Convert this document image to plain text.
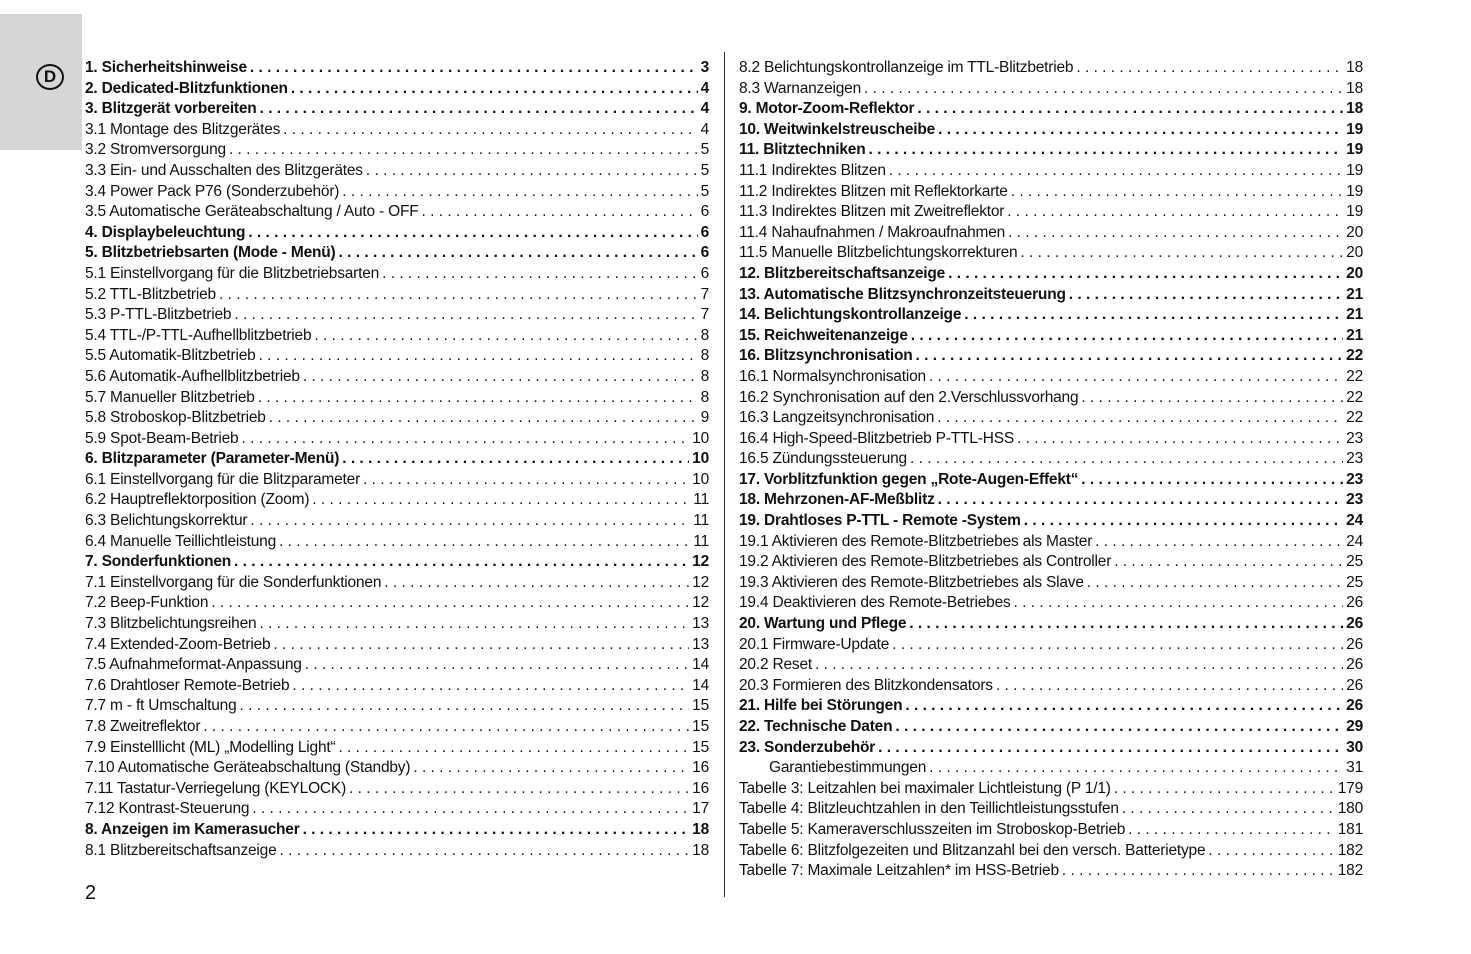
D	1. Sicherheitshinweise . . .	3
2. Dedicated-Blitzfunktionen . . .	4
3. Blitzgerät vorbereiten . . .	4
3.1 Montage des Blitzgerätes . . .	4
3.2 Stromversorgung . . .	5
3.3 Ein- und Ausschalten des Blitzgerätes . . .	5
3.4 Power Pack P76 (Sonderzubehör) . . .	5
3.5 Automatische Geräteabschaltung / Auto - OFF . . .	6
4. Displaybeleuchtung . . .	6
5. Blitzbetriebsarten (Mode - Menü) . . .	6
5.1 Einstellvorgang für die Blitzbetriebsarten . . .	6
5.2 TTL-Blitzbetrieb . . .	7
5.3 P-TTL-Blitzbetrieb . . .	7
5.4 TTL-/P-TTL-Aufhellblitzbetrieb . . .	8
5.5 Automatik-Blitzbetrieb . . .	8
5.6 Automatik-Aufhellblitzbetrieb . . .	8
5.7 Manueller Blitzbetrieb . . .	8
5.8 Stroboskop-Blitzbetrieb . . .	9
5.9 Spot-Beam-Betrieb . . .	10
6. Blitzparameter (Parameter-Menü) . . .	10
6.1 Einstellvorgang für die Blitzparameter . . .	10
6.2 Hauptreflektorposition (Zoom) . . .	11
6.3 Belichtungskorrektur . . .	11
6.4 Manuelle Teillichtleistung . . .	11
7. Sonderfunktionen . . .	12
7.1 Einstellvorgang für die Sonderfunktionen . . .	12
7.2 Beep-Funktion . . .	12
7.3 Blitzbelichtungsreihen . . .	13
7.4 Extended-Zoom-Betrieb . . .	13
7.5 Aufnahmeformat-Anpassung . . .	14
7.6 Drahtloser Remote-Betrieb . . .	14
7.7 m - ft Umschaltung . . .	15
7.8 Zweitreflektor . . .	15
7.9 Einstelllicht (ML) „Modelling Light“ . . .	15
7.10 Automatische Geräteabschaltung (Standby) . . .	16
7.11 Tastatur-Verriegelung (KEYLOCK) . . .	16
7.12 Kontrast-Steuerung . . .	17
8. Anzeigen im Kamerasucher . . .	18
8.1 Blitzbereitschaftsanzeige . . .	18
8.2 Belichtungskontrollanzeige im TTL-Blitzbetrieb . . .	18
8.3 Warnanzeigen . . .	18
9. Motor-Zoom-Reflektor . . .	18
10. Weitwinkelstreuscheibe . . .	19
11. Blitztechniken . . .	19
11.1 Indirektes Blitzen . . .	19
11.2 Indirektes Blitzen mit Reflektorkarte . . .	19
11.3 Indirektes Blitzen mit Zweitreflektor . . .	19
11.4 Nahaufnahmen / Makroaufnahmen . . .	20
11.5 Manuelle Blitzbelichtungskorrekturen . . .	20
12. Blitzbereitschaftsanzeige . . .	20
13. Automatische Blitzsynchronzeitsteuerung . . .	21
14. Belichtungskontrollanzeige . . .	21
15. Reichweitenanzeige . . .	21
16. Blitzsynchronisation . . .	22
16.1 Normalsynchronisation . . .	22
16.2 Synchronisation auf den 2.Verschlussvorhang . . .	22
16.3 Langzeitsynchronisation . . .	22
16.4 High-Speed-Blitzbetrieb P-TTL-HSS . . .	23
16.5 Zündungssteuerung . . .	23
17. Vorblitzfunktion gegen „Rote-Augen-Effekt“ . . .	23
18. Mehrzonen-AF-Meßblitz . . .	23
19. Drahtloses P-TTL - Remote -System . . .	24
19.1 Aktivieren des Remote-Blitzbetriebes als Master . . .	24
19.2 Aktivieren des Remote-Blitzbetriebes als Controller . . .	25
19.3 Aktivieren des Remote-Blitzbetriebes als Slave . . .	25
19.4 Deaktivieren des Remote-Betriebes . . .	26
20. Wartung und Pflege . . .	26
20.1 Firmware-Update . . .	26
20.2 Reset . . .	26
20.3 Formieren des Blitzkondensators . . .	26
21. Hilfe bei Störungen . . .	26
22. Technische Daten . . .	29
23. Sonderzubehör . . .	30
Garantiebestimmungen . . .	31
Tabelle 3: Leitzahlen bei maximaler Lichtleistung (P 1/1) . . .	179
Tabelle 4: Blitzleuchtzahlen in den Teillichtleistungsstufen . . .	180
Tabelle 5: Kameraverschlusszeiten im Stroboskop-Betrieb . . .	181
Tabelle 6: Blitzfolgezeiten und Blitzanzahl bei den versch. Batterietype . . .	182
Tabelle 7: Maximale Leitzahlen* im HSS-Betrieb . . .	182
2
